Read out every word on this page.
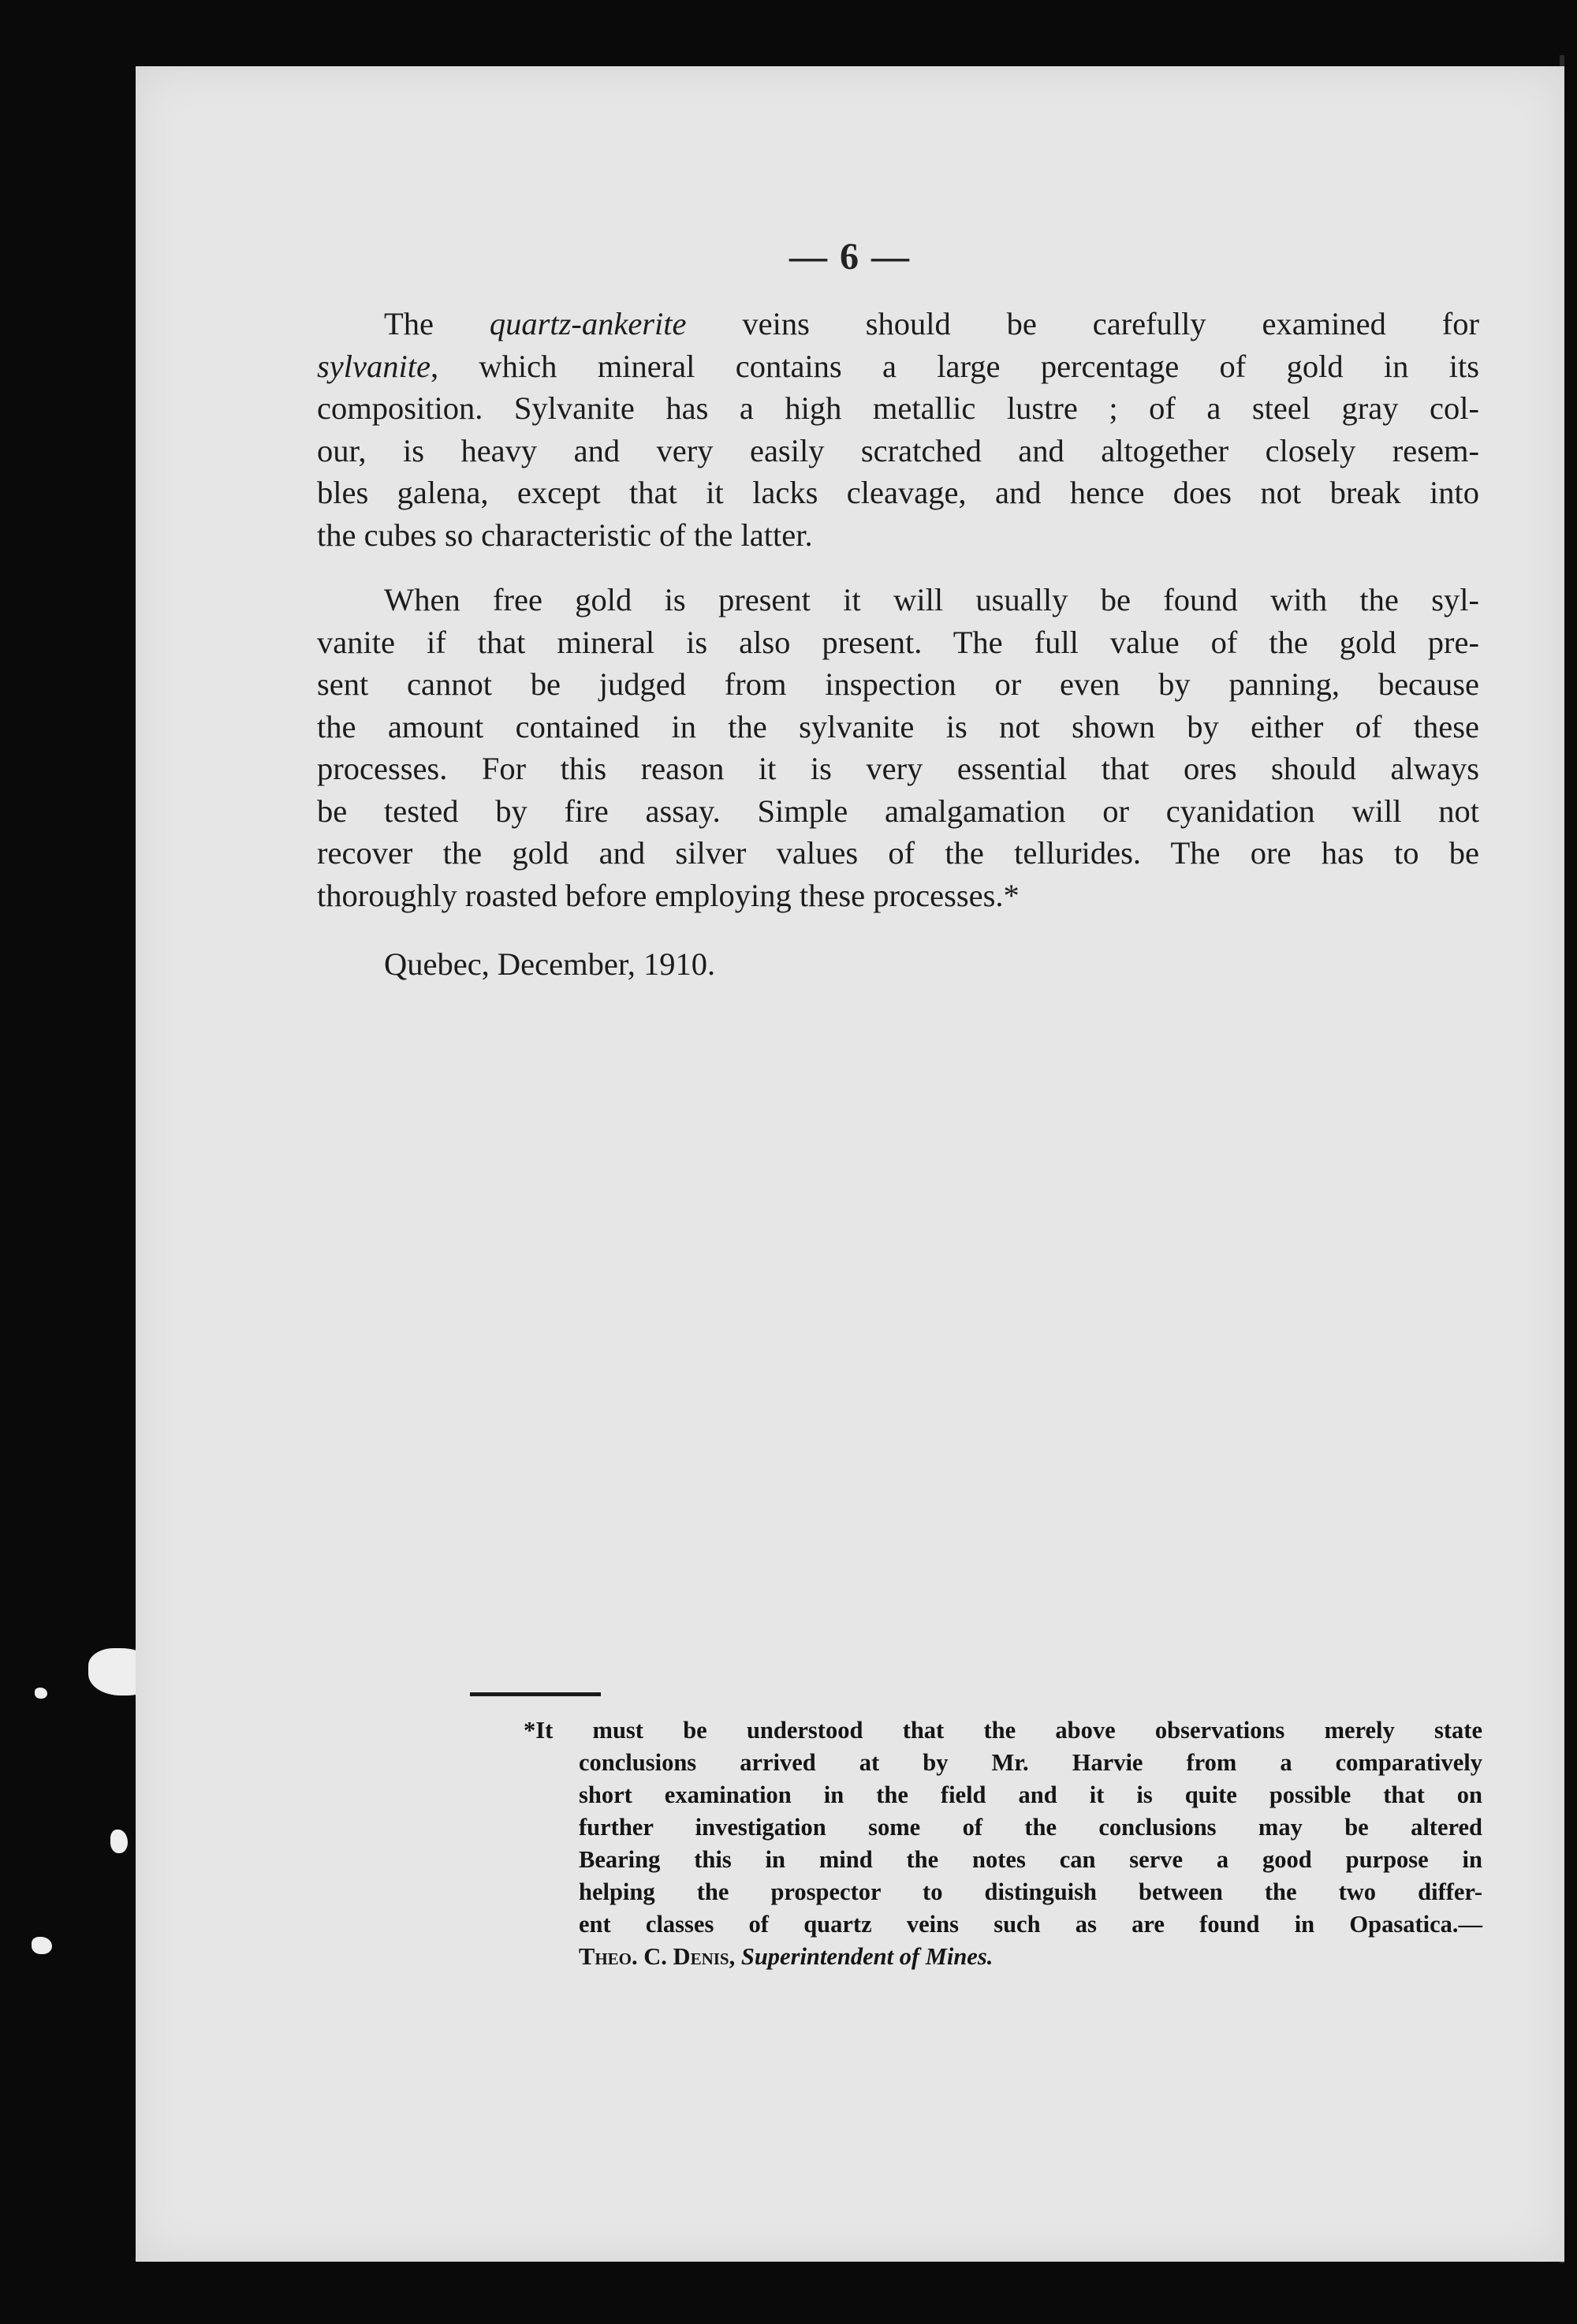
— 6 —
The quartz-ankerite veins should be carefully examined for
sylvanite, which mineral contains a large percentage of gold in its
composition. Sylvanite has a high metallic lustre ; of a steel gray col-
our, is heavy and very easily scratched and altogether closely resem-
bles galena, except that it lacks cleavage, and hence does not break into
the cubes so characteristic of the latter.
When free gold is present it will usually be found with the syl-
vanite if that mineral is also present. The full value of the gold pre-
sent cannot be judged from inspection or even by panning, because
the amount contained in the sylvanite is not shown by either of these
processes. For this reason it is very essential that ores should always
be tested by fire assay. Simple amalgamation or cyanidation will not
recover the gold and silver values of the tellurides. The ore has to be
thoroughly roasted before employing these processes.*
Quebec, December, 1910.
*It must be understood that the above observations merely state
conclusions arrived at by Mr. Harvie from a comparatively
short examination in the field and it is quite possible that on
further investigation some of the conclusions may be altered
Bearing this in mind the notes can serve a good purpose in
helping the prospector to distinguish between the two differ-
ent classes of quartz veins such as are found in Opasatica.—
Theo. C. Denis, Superintendent of Mines.
